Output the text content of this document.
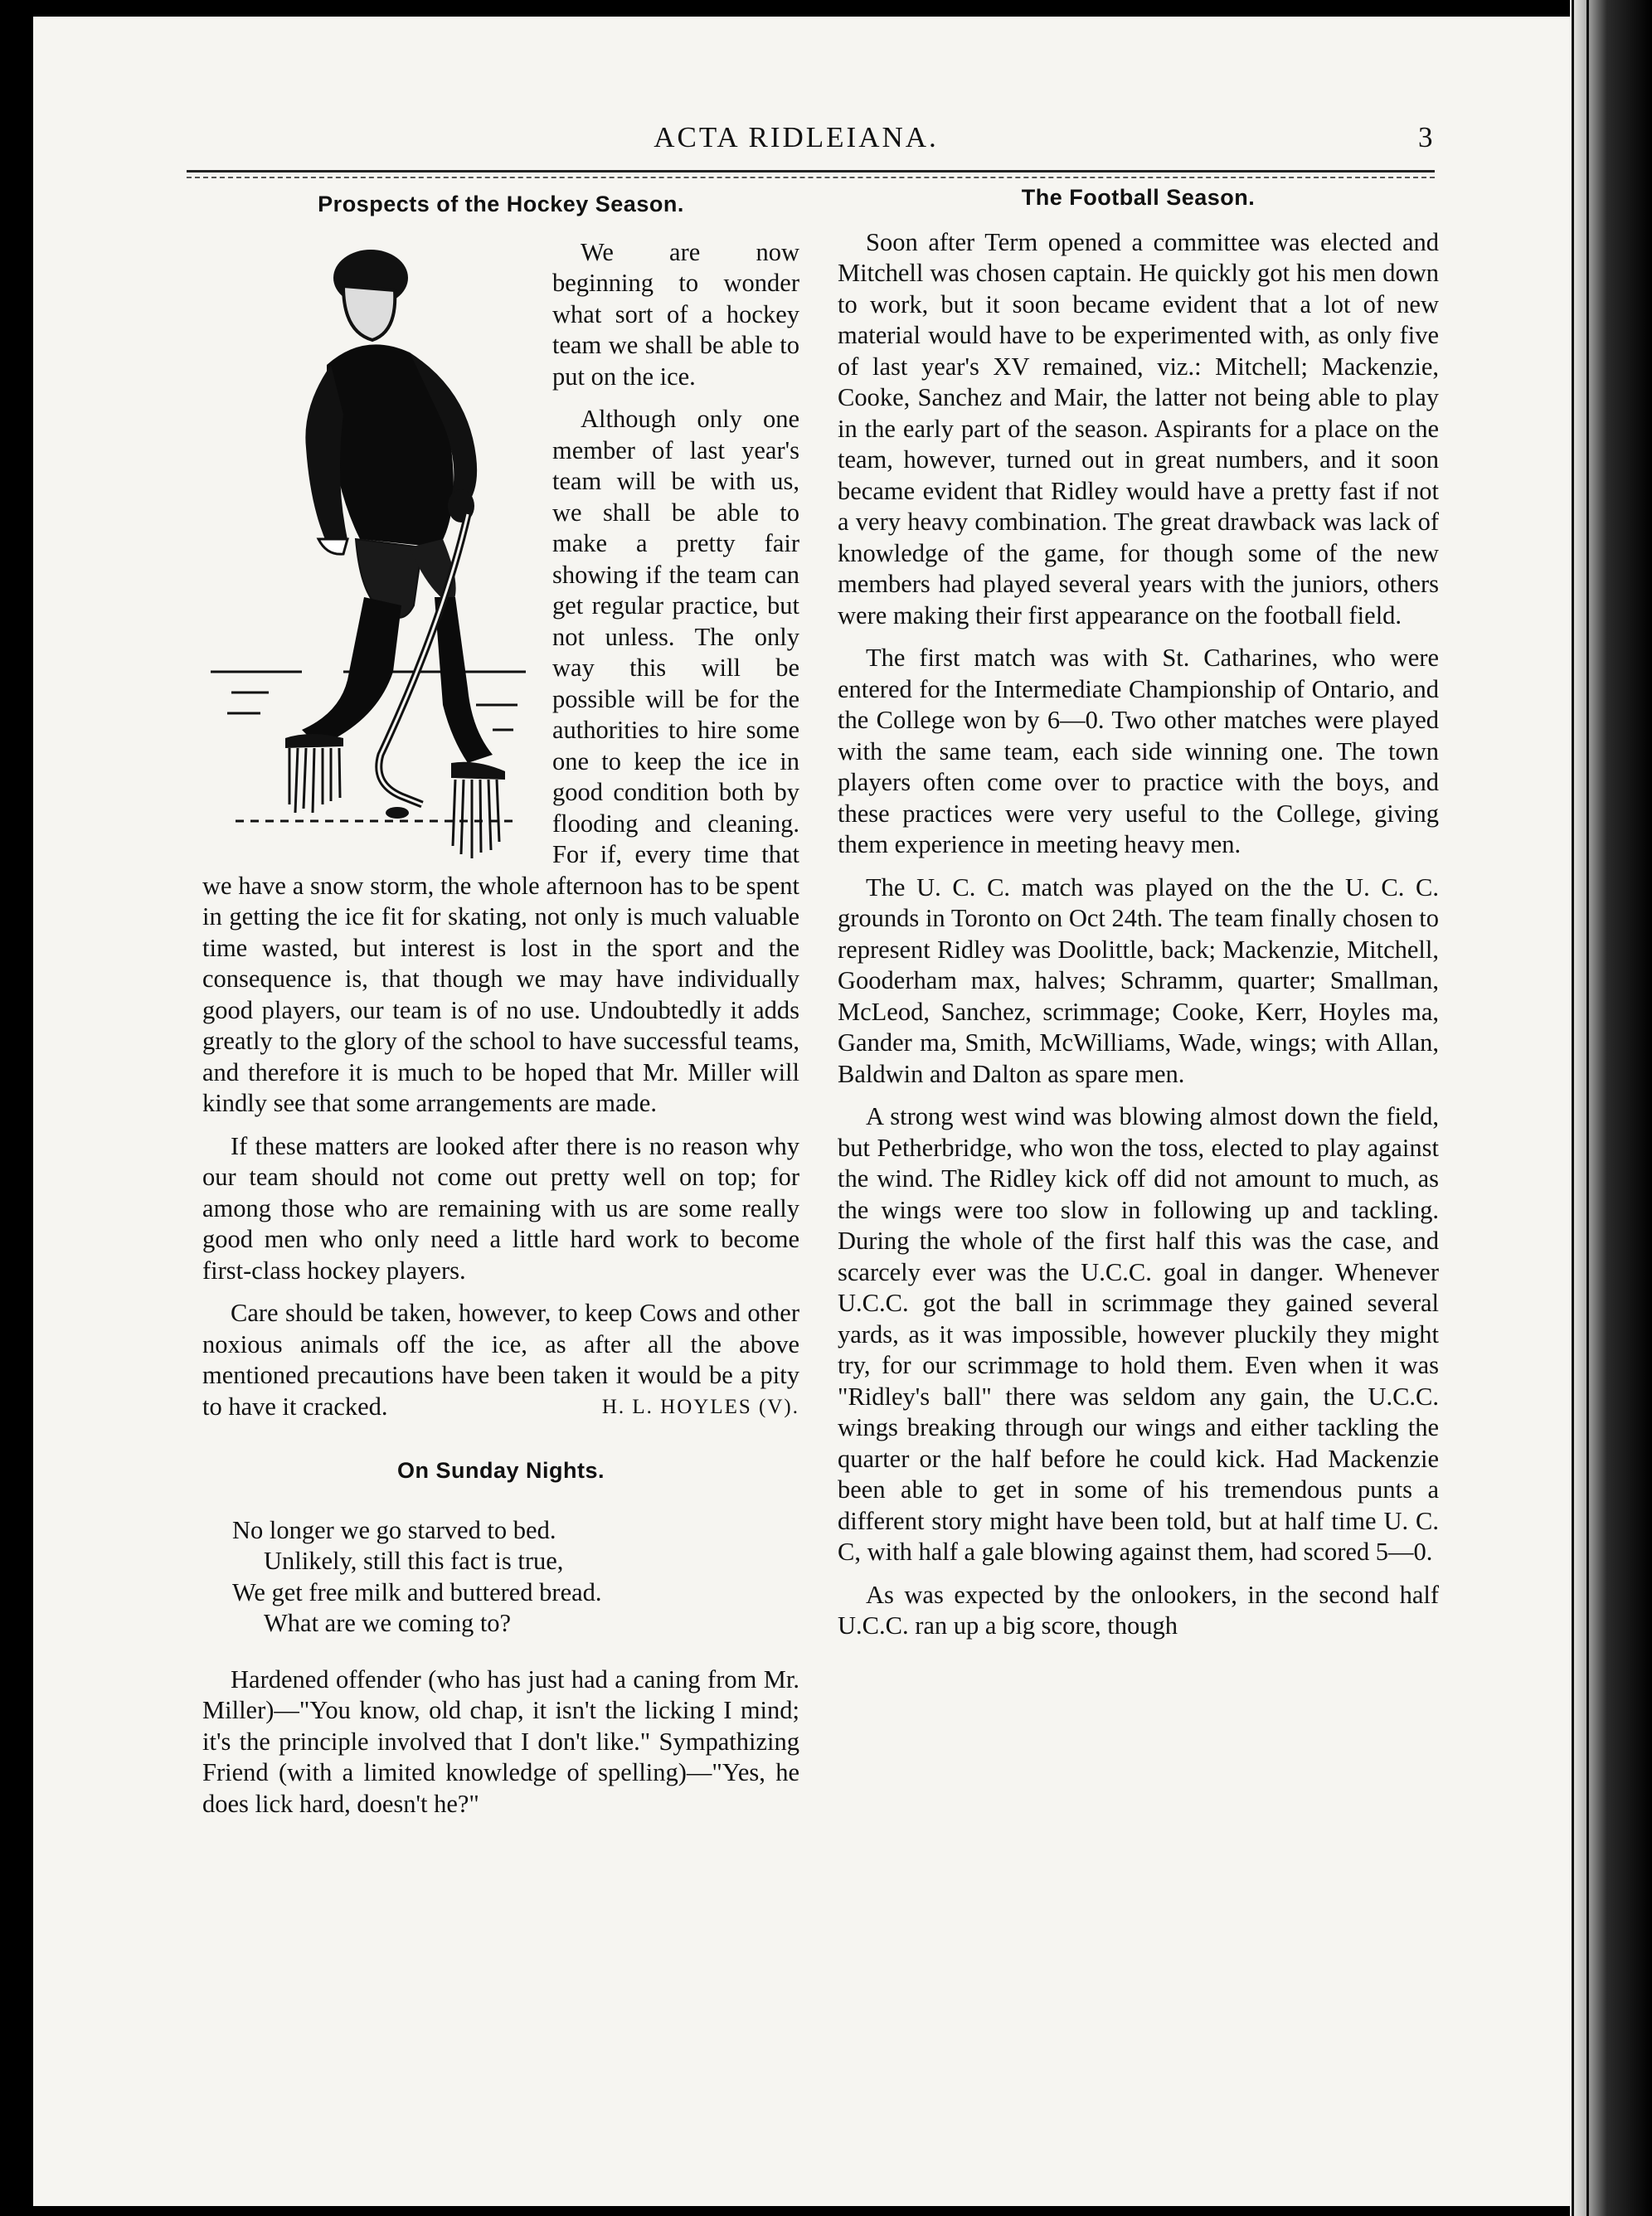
ACTA RIDLEIANA.	3
Prospects of the Hockey Season.

We are now beginning to wonder what sort of a hockey team we shall be able to put on the ice.

Although only one member of last year's team will be with us, we shall be able to make a pretty fair showing if the team can get regular practice, but not unless. The only way this will be possible will be for the authorities to hire some one to keep the ice in good condition both by flooding and cleaning. For if, every time that we have a snow storm, the whole afternoon has to be spent in getting the ice fit for skating, not only is much valuable time wasted, but interest is lost in the sport and the consequence is, that though we may have individually good players, our team is of no use. Undoubtedly it adds greatly to the glory of the school to have successful teams, and therefore it is much to be hoped that Mr. Miller will kindly see that some arrangements are made.

If these matters are looked after there is no reason why our team should not come out pretty well on top; for among those who are remaining with us are some really good men who only need a little hard work to become first-class hockey players.

Care should be taken, however, to keep Cows and other noxious animals off the ice, as after all the above mentioned precautions have been taken it would be a pity to have it cracked.	H. L. HOYLES (V).

On Sunday Nights.
No longer we go starved to bed.
Unlikely, still this fact is true,
We get free milk and buttered bread.
What are we coming to?

Hardened offender (who has just had a caning from Mr. Miller)—"You know, old chap, it isn't the licking I mind; it's the principle involved that I don't like." Sympathizing Friend (with a limited knowledge of spelling)—"Yes, he does lick hard, doesn't he?"

The Football Season.

Soon after Term opened a committee was elected and Mitchell was chosen captain. He quickly got his men down to work, but it soon became evident that a lot of new material would have to be experimented with, as only five of last year's XV remained, viz.: Mitchell; Mackenzie, Cooke, Sanchez and Mair, the latter not being able to play in the early part of the season. Aspirants for a place on the team, however, turned out in great numbers, and it soon became evident that Ridley would have a pretty fast if not a very heavy combination. The great drawback was lack of knowledge of the game, for though some of the new members had played several years with the juniors, others were making their first appearance on the football field.

The first match was with St. Catharines, who were entered for the Intermediate Championship of Ontario, and the College won by 6—0. Two other matches were played with the same team, each side winning one. The town players often come over to practice with the boys, and these practices were very useful to the College, giving them experience in meeting heavy men.

The U. C. C. match was played on the the U. C. C. grounds in Toronto on Oct 24th. The team finally chosen to represent Ridley was Doolittle, back; Mackenzie, Mitchell, Gooderham max, halves; Schramm, quarter; Smallman, McLeod, Sanchez, scrimmage; Cooke, Kerr, Hoyles ma, Gander ma, Smith, McWilliams, Wade, wings; with Allan, Baldwin and Dalton as spare men.

A strong west wind was blowing almost down the field, but Petherbridge, who won the toss, elected to play against the wind. The Ridley kick off did not amount to much, as the wings were too slow in following up and tackling. During the whole of the first half this was the case, and scarcely ever was the U.C.C. goal in danger. Whenever U.C.C. got the ball in scrimmage they gained several yards, as it was impossible, however pluckily they might try, for our scrimmage to hold them. Even when it was "Ridley's ball" there was seldom any gain, the U.C.C. wings breaking through our wings and either tackling the quarter or the half before he could kick. Had Mackenzie been able to get in some of his tremendous punts a different story might have been told, but at half time U. C. C, with half a gale blowing against them, had scored 5—0.

As was expected by the onlookers, in the second half U.C.C. ran up a big score, though
